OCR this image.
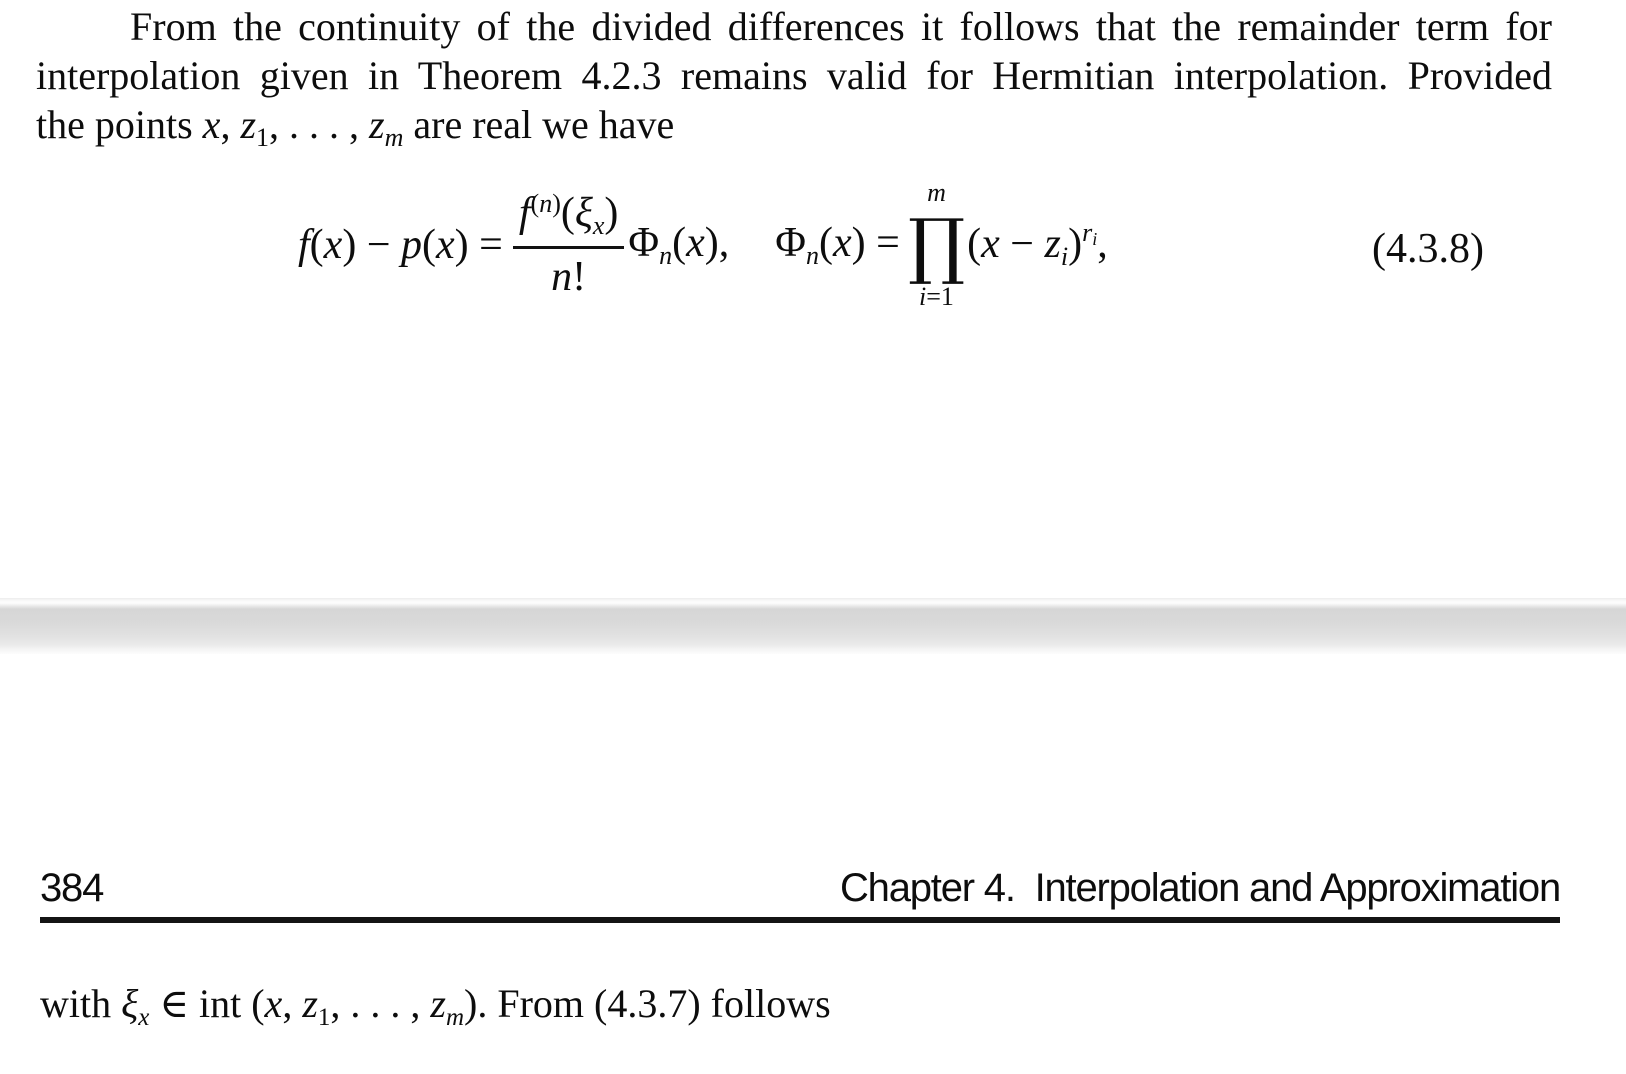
From the continuity of the divided differences it follows that the remainder term for
interpolation given in Theorem 4.2.3 remains valid for Hermitian interpolation. Provided
the points x, $z_1$, . . . , $z_m$ are real we have
$f(x) - p(x) = \frac{f^{(n)}(\xi x)}{n!} \Phi n(x)$, Φn(x) =
m
∏
i=1
(x − zi)$^{ri}$,	(4.3.8)
384	Chapter 4.  Interpolation and Approximation
with $\xi_x$ ∈ int (x, $z_1$, . . . , $z_m$). From (4.3.7) follows
